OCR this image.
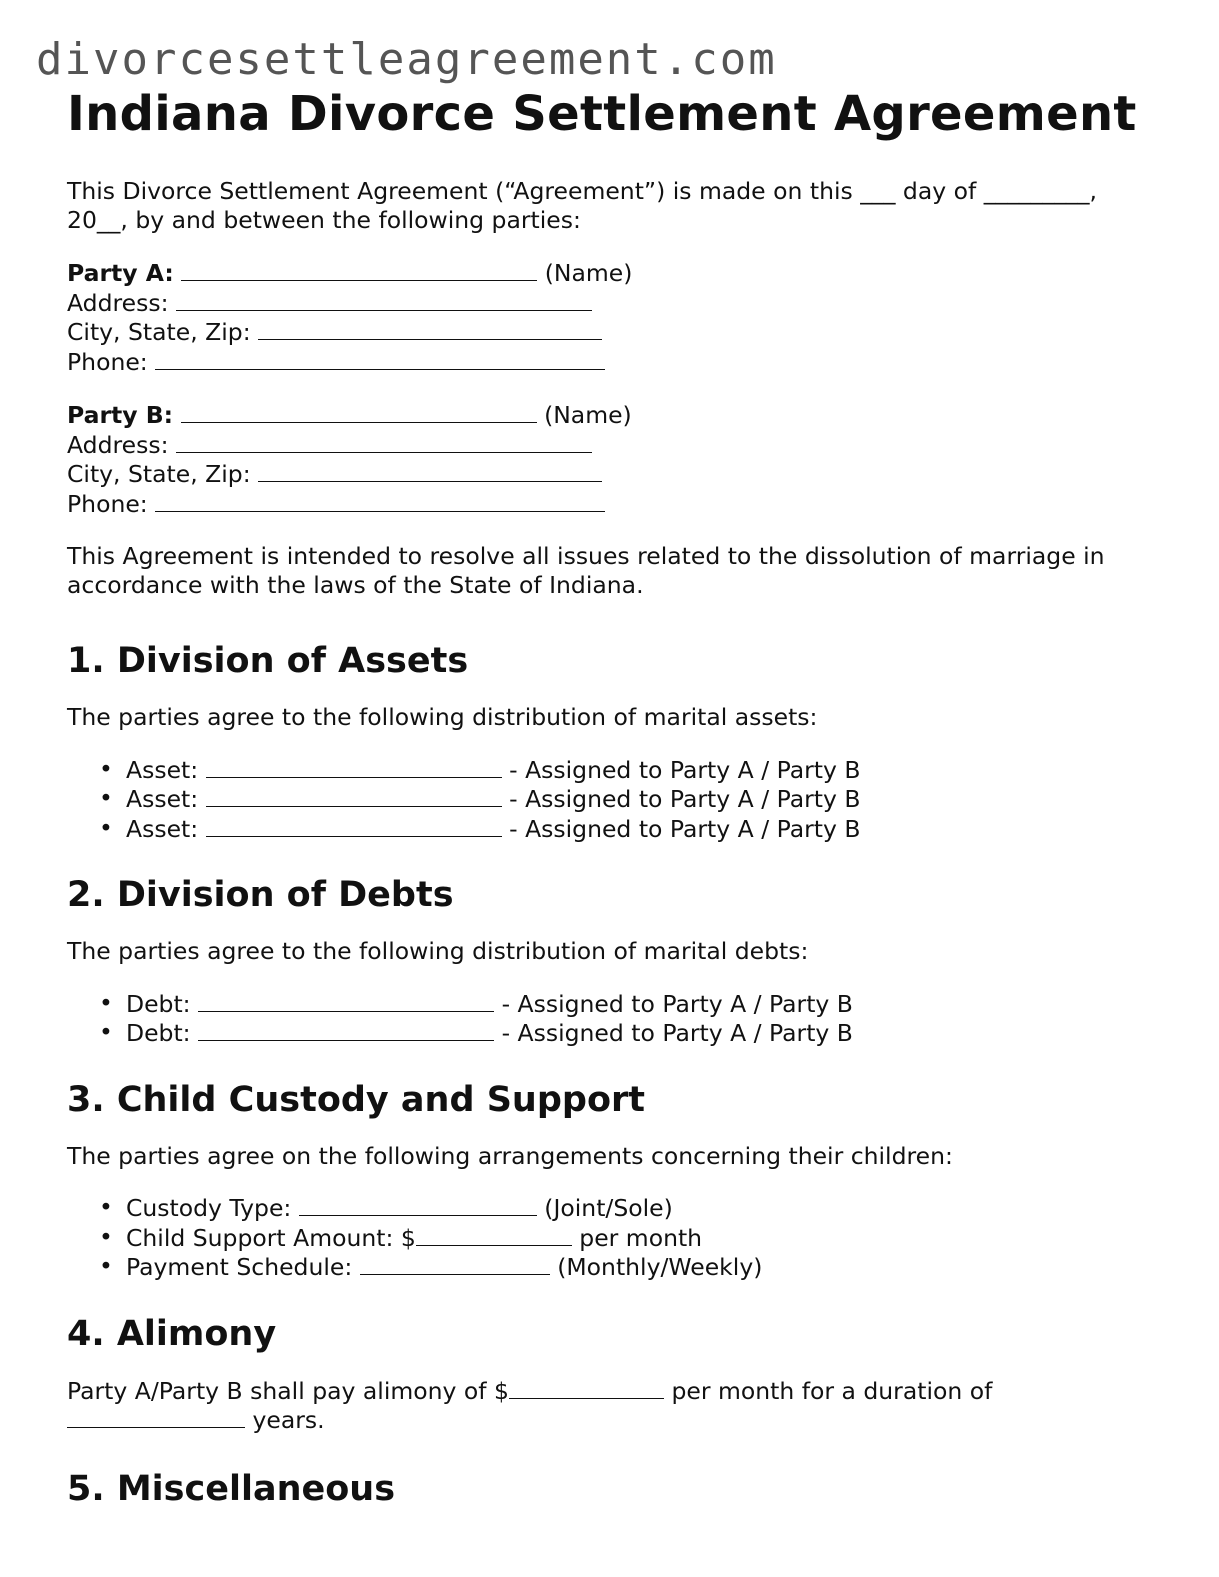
divorcesettleagreement.com
Indiana Divorce Settlement Agreement

This Divorce Settlement Agreement (“Agreement”) is made on this ___ day of _________,

20__, by and between the following parties:

Party A:	(Name)
Address:
City, State, Zip:
Phone:
Party B:	(Name)
Address:
City, State, Zip:
Phone:

This Agreement is intended to resolve all issues related to the dissolution of marriage in

accordance with the laws of the State of Indiana.

1. Division of Assets

The parties agree to the following distribution of marital assets:

• Asset:	- Assigned to Party A / Party B
• Asset:	- Assigned to Party A / Party B
• Asset:	- Assigned to Party A / Party B
2. Division of Debts

The parties agree to the following distribution of marital debts:

• Debt:	- Assigned to Party A / Party B
• Debt:	- Assigned to Party A / Party B
3. Child Custody and Support

The parties agree on the following arrangements concerning their children:

• Custody Type:	(Joint/Sole)
• Child Support Amount: $	per month
• Payment Schedule:	(Monthly/Weekly)
4. Alimony
Party A/Party B shall pay alimony of $	per month for a duration of
years.
5. Miscellaneous
